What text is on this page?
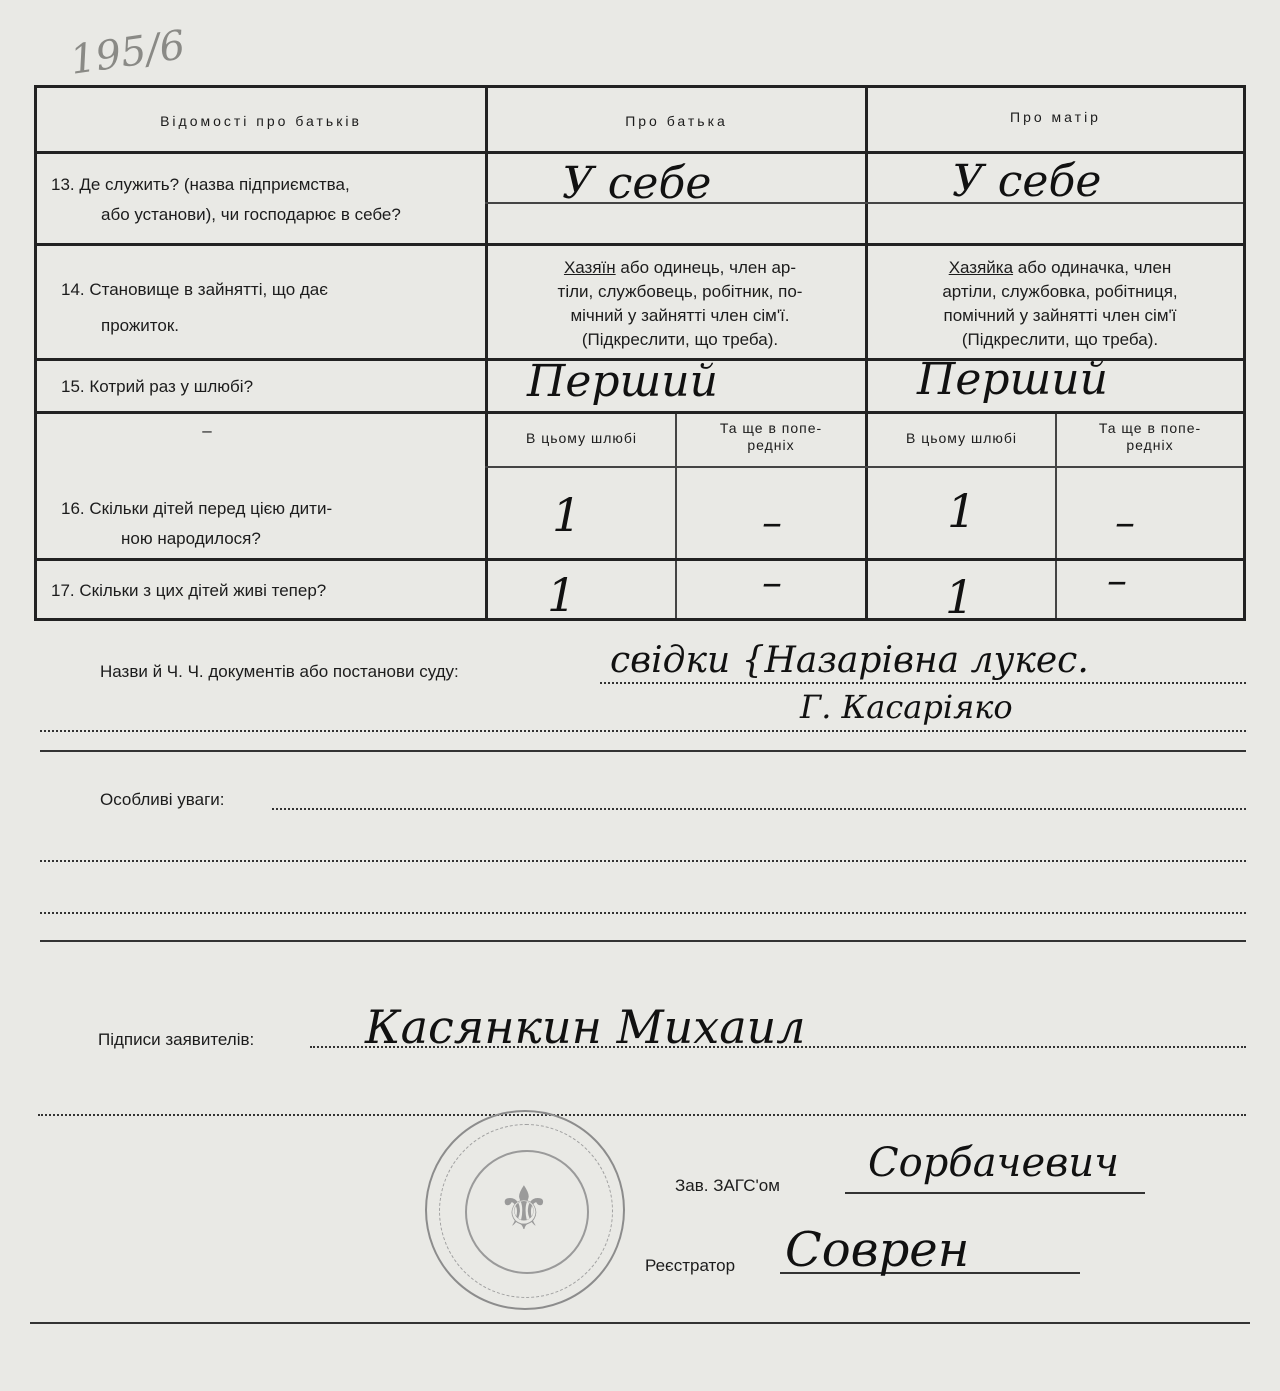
195/6
Відомості про батьків	Про батька	Про матір
13. Де служить? (назва підприємства,
або установи), чи господарює в себе?
У себе	У себе
14. Становище в зайнятті, що дає
прожиток.
Хазяїн або одинець, член ар-
тіли, службовець, робітник, по-
мічний у зайнятті член сім'ї.
(Підкреслити, що треба).
Хазяйка або одиначка, член
артіли, службовка, робітниця,
помічний у зайнятті член сім'ї
(Підкреслити, що треба).
15. Котрий раз у шлюбі?	Перший	Перший
–	В цьому шлюбі
Та ще в попе-
редніх	В цьому шлюбі
Та ще в попе-
редніх
16. Скільки дітей перед цією дити-
ною народилося?	1	–	1	–
17. Скільки з цих дітей живі тепер?	1	–	1	–
Назви й Ч. Ч. документів або постанови суду:	свідки {Назарівна лукес.
Г. Касаріяко
Особливі уваги:
Підписи заявителів: Касянкин Михаил
⚜	Зав. ЗАГС'ом Сорбачевич
Реєстратор Соврен
